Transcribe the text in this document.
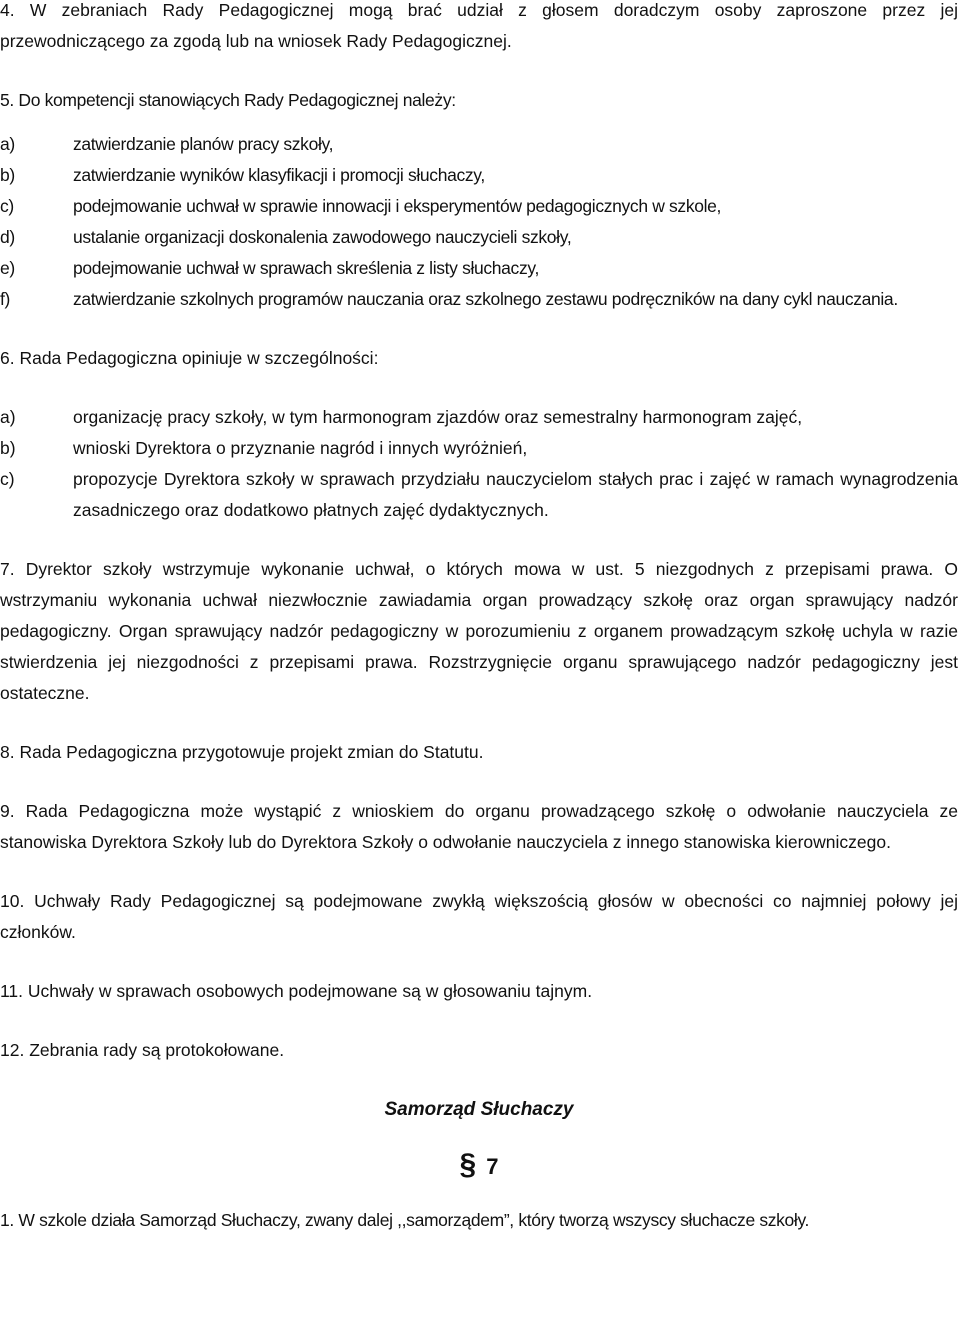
4. W zebraniach Rady Pedagogicznej mogą brać udział z głosem doradczym osoby zaproszone przez jej przewodniczącego za zgodą lub na wniosek Rady Pedagogicznej.

5. Do kompetencji stanowiących Rady Pedagogicznej należy:

a)	zatwierdzanie planów pracy szkoły,
b)	zatwierdzanie wyników klasyfikacji i promocji słuchaczy,
c)	podejmowanie uchwał w sprawie innowacji i eksperymentów pedagogicznych w szkole,
d)	ustalanie organizacji doskonalenia zawodowego nauczycieli szkoły,
e)	podejmowanie uchwał w sprawach skreślenia z listy słuchaczy,
f)	zatwierdzanie szkolnych programów nauczania oraz szkolnego zestawu podręczników na dany cykl nauczania.

6. Rada Pedagogiczna opiniuje w szczególności:

a)	organizację pracy szkoły, w tym harmonogram zjazdów oraz semestralny harmonogram zajęć,
b)	wnioski Dyrektora o przyznanie nagród i innych wyróżnień,
c)	propozycje Dyrektora szkoły w sprawach przydziału nauczycielom stałych prac i zajęć w ramach wynagrodzenia zasadniczego oraz dodatkowo płatnych zajęć dydaktycznych.

7. Dyrektor szkoły wstrzymuje wykonanie uchwał, o których mowa w ust. 5 niezgodnych z przepisami prawa. O wstrzymaniu wykonania uchwał niezwłocznie zawiadamia organ prowadzący szkołę oraz organ sprawujący nadzór pedagogiczny. Organ sprawujący nadzór pedagogiczny w porozumieniu z organem prowadzącym szkołę uchyla w razie stwierdzenia jej niezgodności z przepisami prawa. Rozstrzygnięcie organu sprawującego nadzór pedagogiczny jest ostateczne.

8. Rada Pedagogiczna przygotowuje projekt zmian do Statutu.

9. Rada Pedagogiczna może wystąpić z wnioskiem do organu prowadzącego szkołę o odwołanie nauczyciela ze stanowiska Dyrektora Szkoły lub do Dyrektora Szkoły o odwołanie nauczyciela z innego stanowiska kierowniczego.

10. Uchwały Rady Pedagogicznej są podejmowane zwykłą większością głosów w obecności co najmniej połowy jej członków.

11. Uchwały w sprawach osobowych podejmowane są w głosowaniu tajnym.

12. Zebrania rady są protokołowane.

Samorząd Słuchaczy
§ 7

1. W szkole działa Samorząd Słuchaczy, zwany dalej ,,samorządem”, który tworzą wszyscy słuchacze szkoły.
